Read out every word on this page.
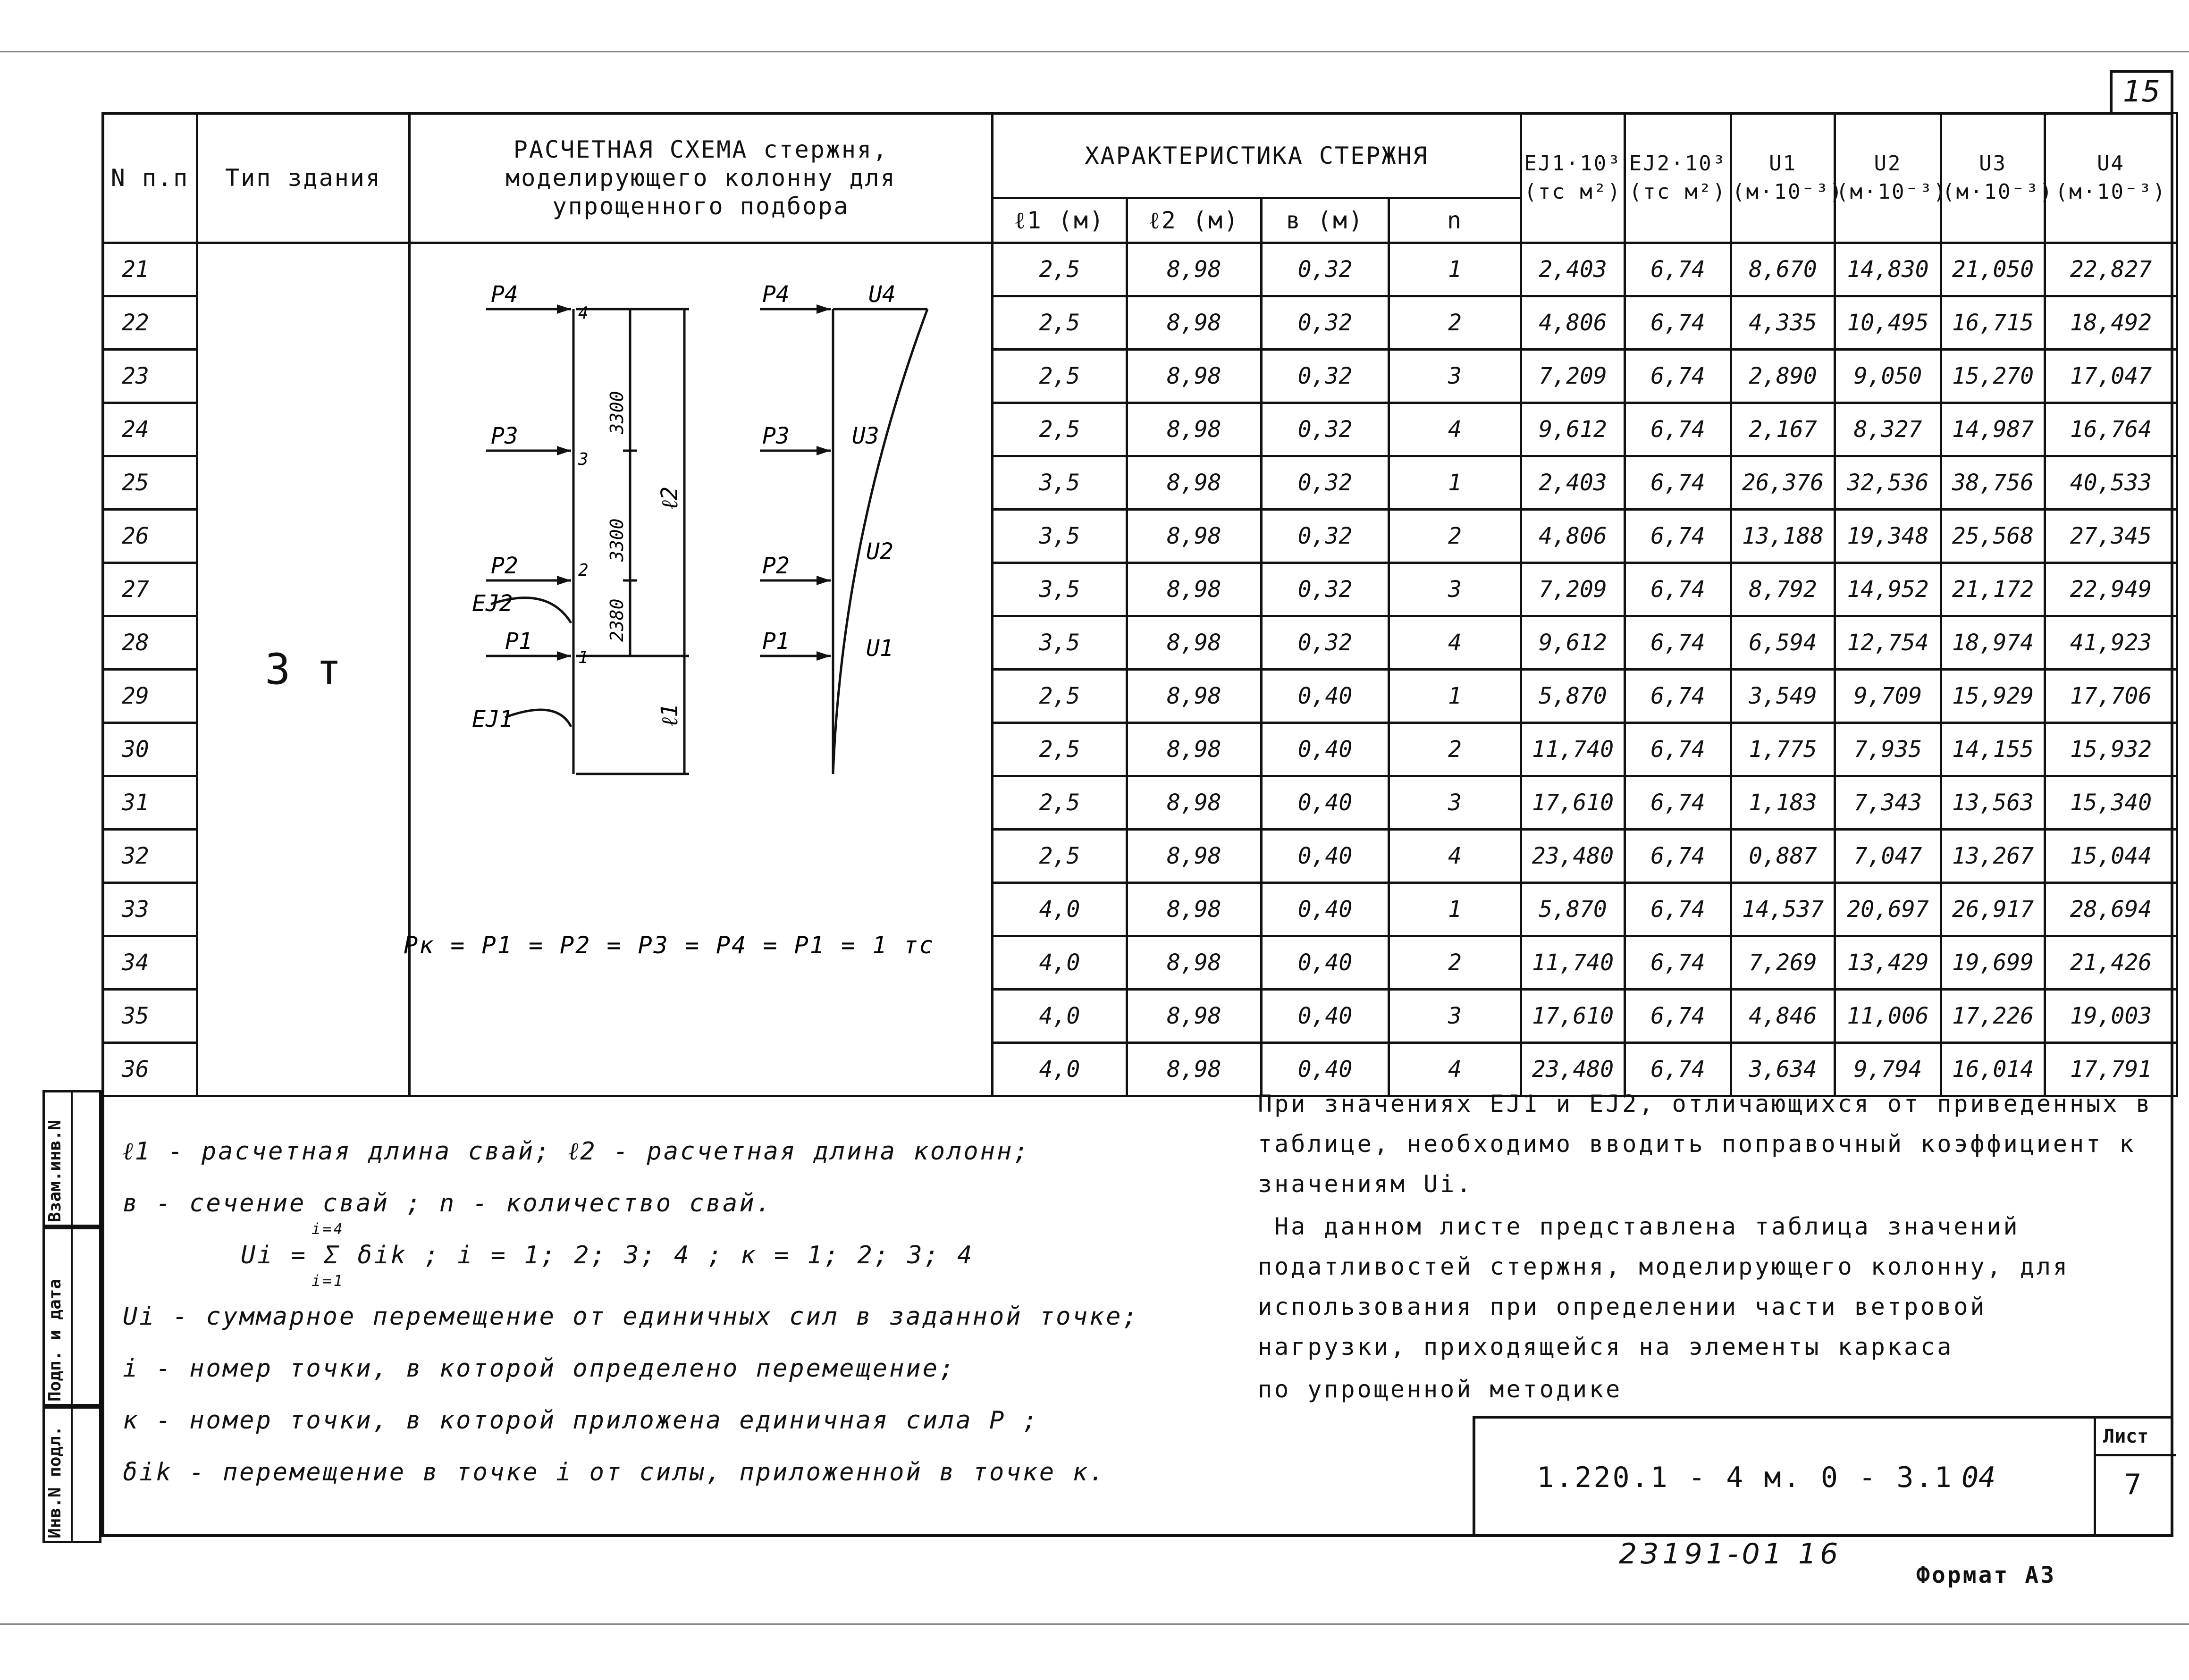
15
N п.п	Тип здания	РАСЧЕТНАЯ СХЕМА стержня, моделирующего колонну для упрощенного подбора	ХАРАКТЕРИСТИКА СТЕРЖНЯ				EJ1·10³ (тс м²)	EJ2·10³ (тс м²)	U1 (м·10⁻³)	U2 (м·10⁻³)	U3 (м·10⁻³)	U4 (м·10⁻³)
			ℓ1 (м)	ℓ2 (м)	в (м)	n						
21	3 т		2,5	8,98	0,32	1	2,403	6,74	8,670	14,830	21,050	22,827
22			2,5	8,98	0,32	2	4,806	6,74	4,335	10,495	16,715	18,492
23			2,5	8,98	0,32	3	7,209	6,74	2,890	9,050	15,270	17,047
24			2,5	8,98	0,32	4	9,612	6,74	2,167	8,327	14,987	16,764
25			3,5	8,98	0,32	1	2,403	6,74	26,376	32,536	38,756	40,533
26			3,5	8,98	0,32	2	4,806	6,74	13,188	19,348	25,568	27,345
27			3,5	8,98	0,32	3	7,209	6,74	8,792	14,952	21,172	22,949
28			3,5	8,98	0,32	4	9,612	6,74	6,594	12,754	18,974	41,923
29			2,5	8,98	0,40	1	5,870	6,74	3,549	9,709	15,929	17,706
30			2,5	8,98	0,40	2	11,740	6,74	1,775	7,935	14,155	15,932
31			2,5	8,98	0,40	3	17,610	6,74	1,183	7,343	13,563	15,340
32			2,5	8,98	0,40	4	23,480	6,74	0,887	7,047	13,267	15,044
33			4,0	8,98	0,40	1	5,870	6,74	14,537	20,697	26,917	28,694
34			4,0	8,98	0,40	2	11,740	6,74	7,269	13,429	19,699	21,426
35			4,0	8,98	0,40	3	17,610	6,74	4,846	11,006	17,226	19,003
36			4,0	8,98	0,40	4	23,480	6,74	3,634	9,794	16,014	17,791
P4
P3
P2
P1
P4
P3
P2
P1
U4
U3
U2
U1
EJ2
EJ1
4
3
2
1
3300
3300
2380
ℓ2
ℓ1
Pк = P1 = P2 = P3 = P4 = P1 = 1 тс
ℓ1 - расчетная длина свай; ℓ2 - расчетная длина колонн;
в - сечение свай ; n - количество свай.
i=4
Ui = Σ δik ; i = 1; 2; 3; 4 ; к = 1; 2; 3; 4
i=1
Ui - суммарное перемещение от единичных сил в заданной точке;
i - номер точки, в которой определено перемещение;
к - номер точки, в которой приложена единичная сила P ;
δik - перемещение в точке i от силы, приложенной в точке к.
При значениях EJ1 и EJ2, отличающихся от приведенных в
таблице, необходимо вводить поправочный коэффициент к
значениям Ui.
На данном листе представлена таблица значений
податливостей стержня, моделирующего колонну, для
использования при определении части ветровой
нагрузки, приходящейся на элементы каркаса
по упрощенной методике
1.220.1 - 4 м. 0 - 3.1 04
Лист
7
23191-01 16
Формат А3
Взам.инв.N
Подп. и дата
Инв.N подл.
